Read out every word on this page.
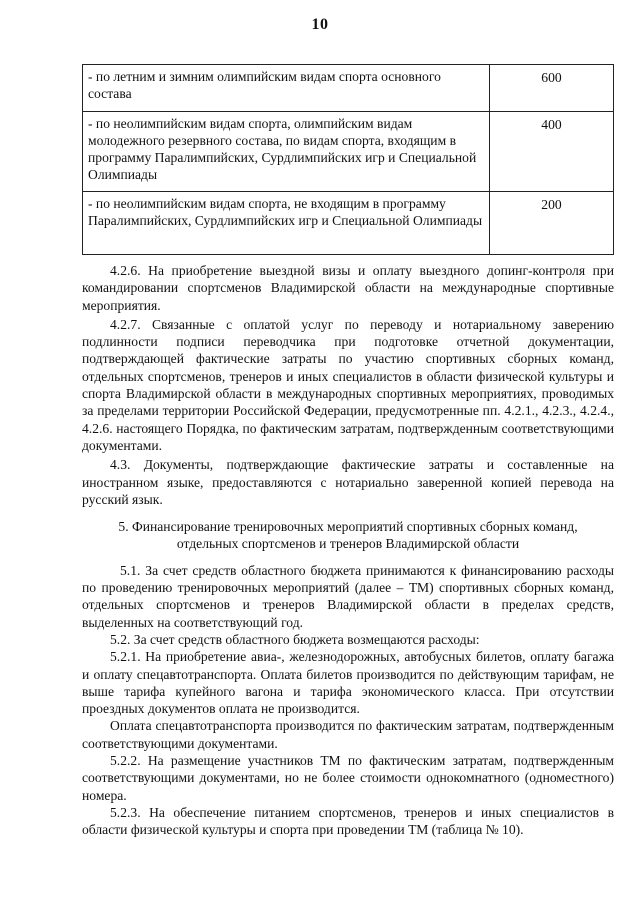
10
- по летним и зимним олимпийским видам спорта основного состава	600
- по неолимпийским видам спорта, олимпийским видам молодежного резервного состава, по видам спорта, входящим в программу Паралимпийских, Сурдлимпийских игр и Специальной Олимпиады	400
- по неолимпийским видам спорта, не входящим в программу Паралимпийских, Сурдлимпийских игр и Специальной Олимпиады	200

4.2.6. На приобретение выездной визы и оплату выездного допинг-контроля при командировании спортсменов Владимирской области на международные спортивные мероприятия.

4.2.7. Связанные с оплатой услуг по переводу и нотариальному заверению подлинности подписи переводчика при подготовке отчетной документации, подтверждающей фактические затраты по участию спортивных сборных команд, отдельных спортсменов, тренеров и иных специалистов в области физической культуры и спорта Владимирской области в международных спортивных мероприятиях, проводимых за пределами территории Российской Федерации, предусмотренные пп. 4.2.1., 4.2.3., 4.2.4., 4.2.6. настоящего Порядка, по фактическим затратам, подтвержденным соответствующими документами.

4.3. Документы, подтверждающие фактические затраты и составленные на иностранном языке, предоставляются с нотариально заверенной копией перевода на русский язык.

5. Финансирование тренировочных мероприятий спортивных сборных команд, отдельных спортсменов и тренеров Владимирской области

5.1. За счет средств областного бюджета принимаются к финансированию расходы по проведению тренировочных мероприятий (далее – ТМ) спортивных сборных команд, отдельных спортсменов и тренеров Владимирской области в пределах средств, выделенных на соответствующий год.

5.2. За счет средств областного бюджета возмещаются расходы:

5.2.1. На приобретение авиа-, железнодорожных, автобусных билетов, оплату багажа и оплату спецавтотранспорта. Оплата билетов производится по действующим тарифам, не выше тарифа купейного вагона и тарифа экономического класса. При отсутствии проездных документов оплата не производится.

Оплата спецавтотранспорта производится по фактическим затратам, подтвержденным соответствующими документами.

5.2.2. На размещение участников ТМ по фактическим затратам, подтвержденным соответствующими документами, но не более стоимости однокомнатного (одноместного) номера.

5.2.3. На обеспечение питанием спортсменов, тренеров и иных специалистов в области физической культуры и спорта при проведении ТМ (таблица № 10).
